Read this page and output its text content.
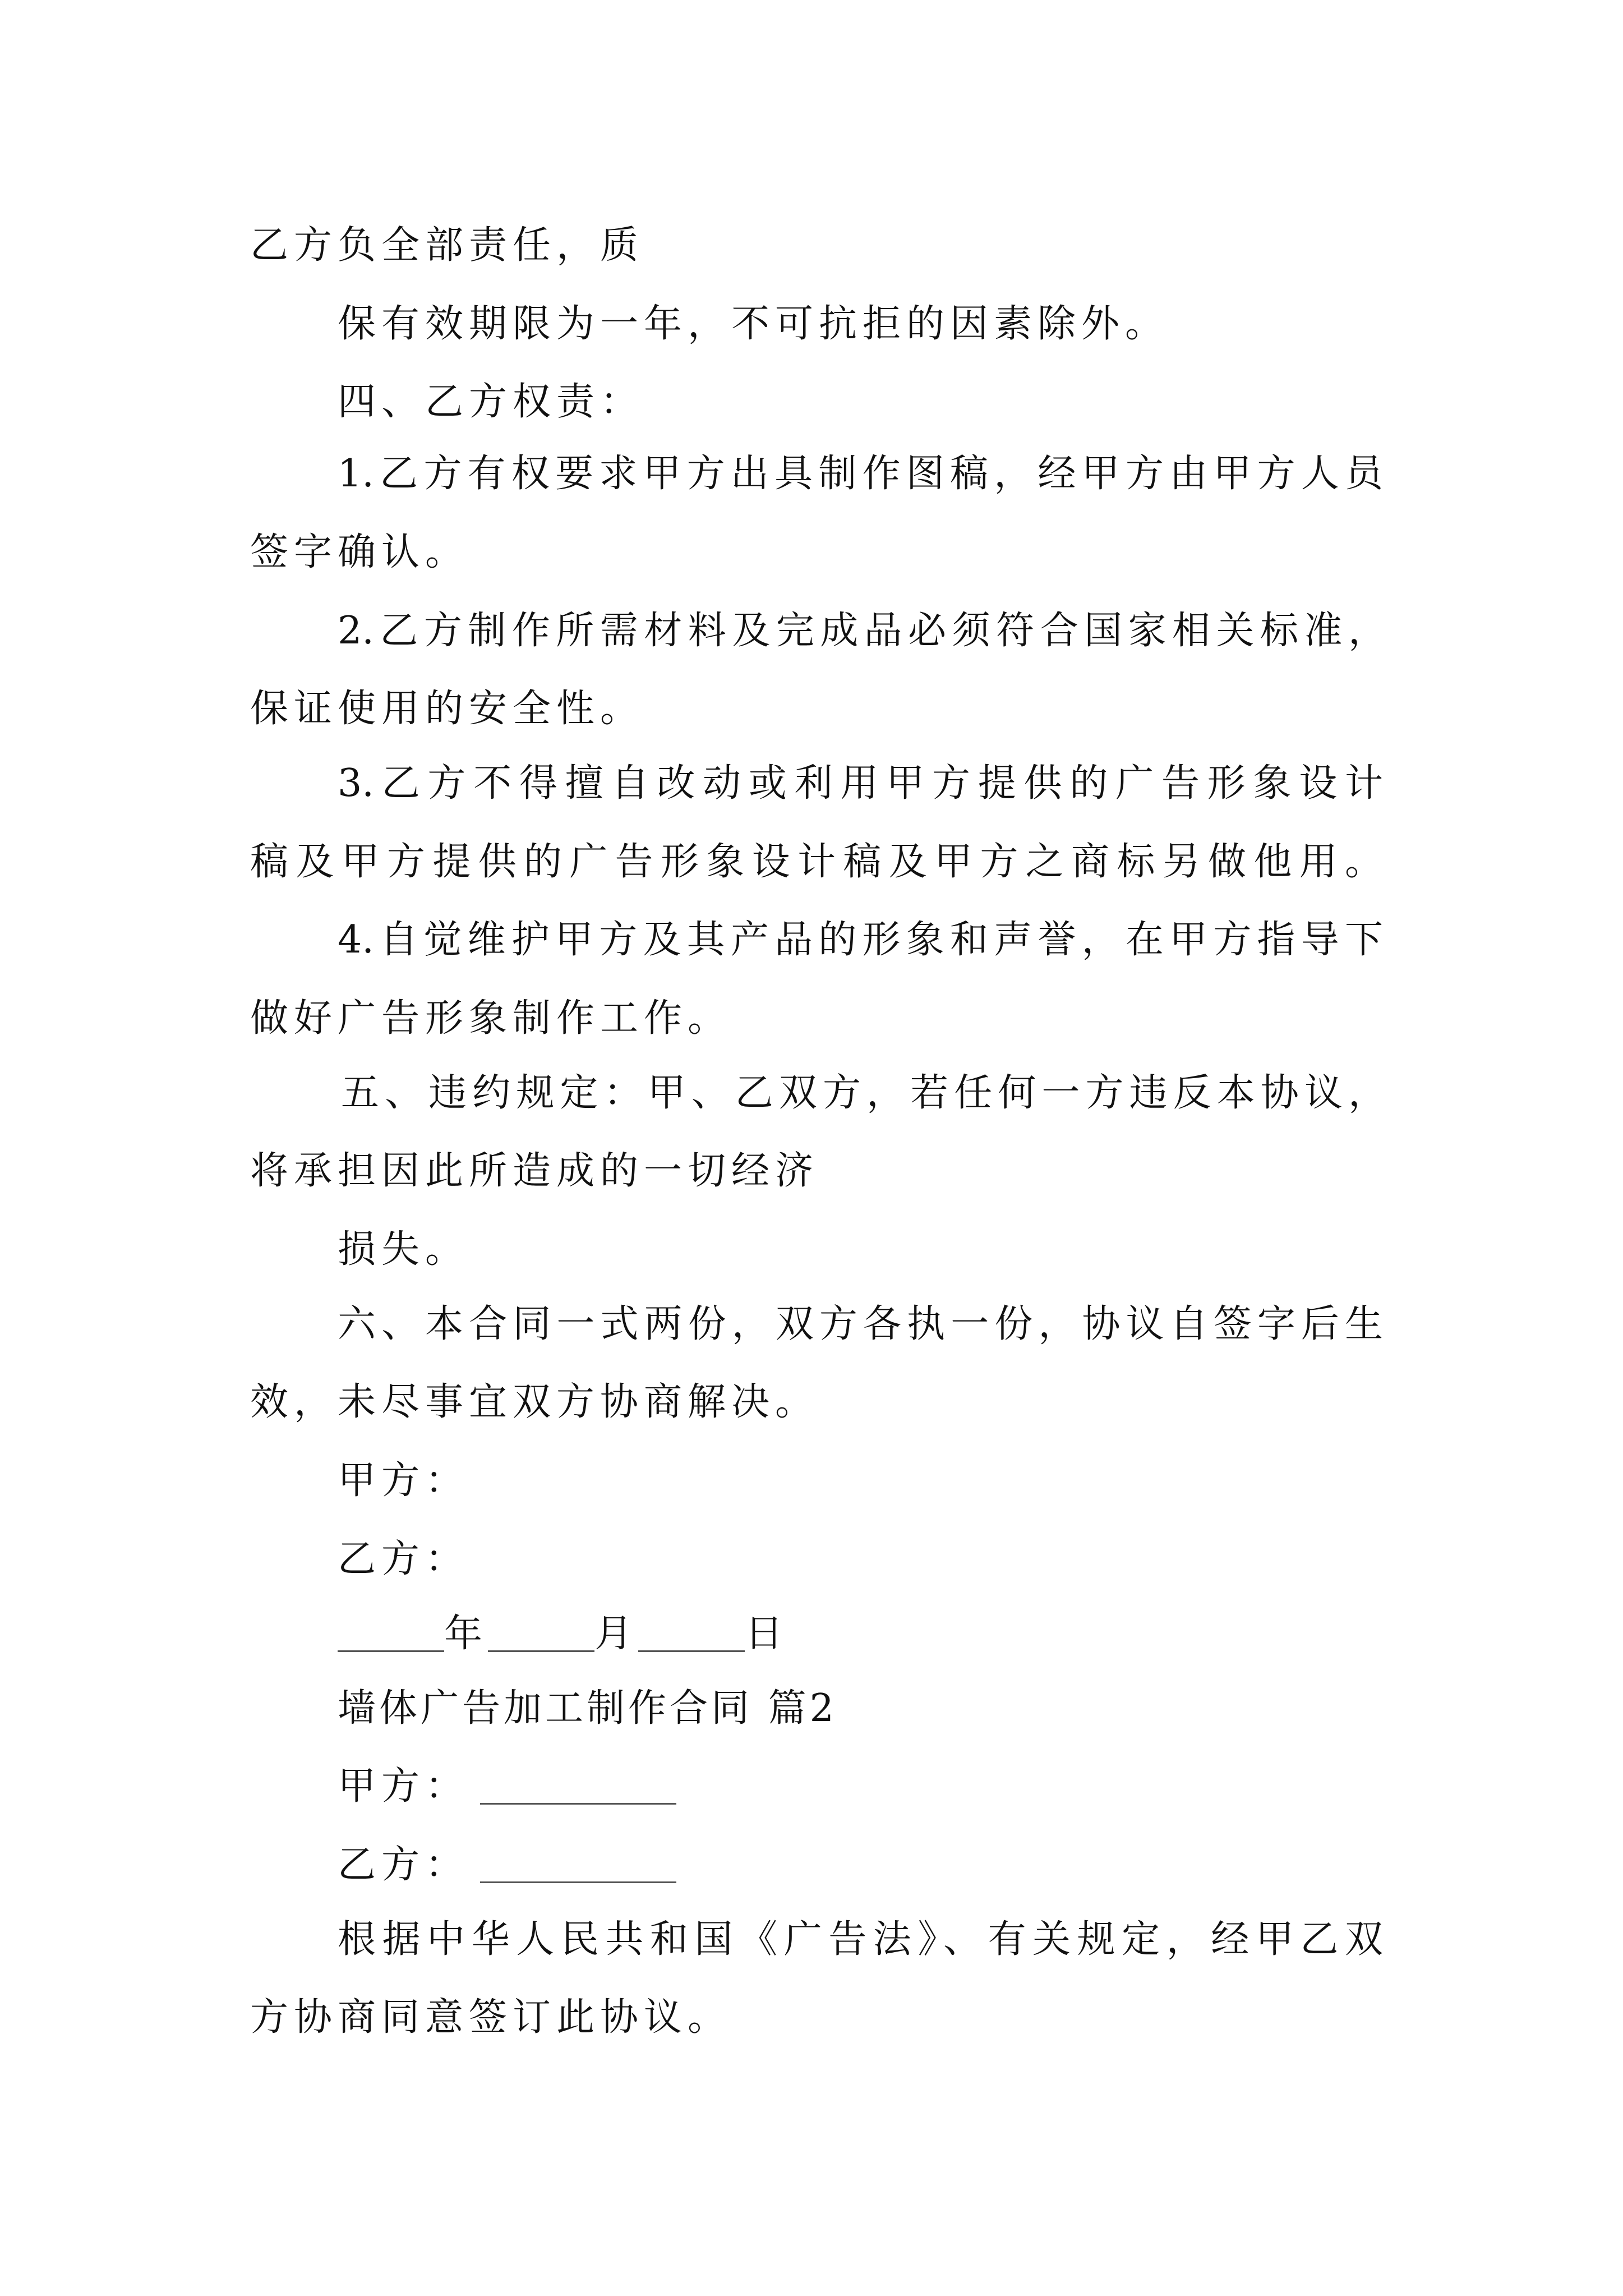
乙方负全部责任，质
保有效期限为一年，不可抗拒的因素除外。
四、乙方权责：
1.乙方有权要求甲方出具制作图稿，经甲方由甲方人员
签字确认。
2.乙方制作所需材料及完成品必须符合国家相关标准，
保证使用的安全性。
3.乙方不得擅自改动或利用甲方提供的广告形象设计
稿及甲方提供的广告形象设计稿及甲方之商标另做他用。
4.自觉维护甲方及其产品的形象和声誉，在甲方指导下
做好广告形象制作工作。
五、违约规定：甲、乙双方，若任何一方违反本协议，
将承担因此所造成的一切经济
损失。
六、本合同一式两份，双方各执一份，协议自签字后生
效，未尽事宜双方协商解决。
甲方：
乙方：
年	月	日
墙体广告加工制作合同 篇2
甲方：
乙方：
根据中华人民共和国《广告法》、有关规定，经甲乙双
方协商同意签订此协议。
